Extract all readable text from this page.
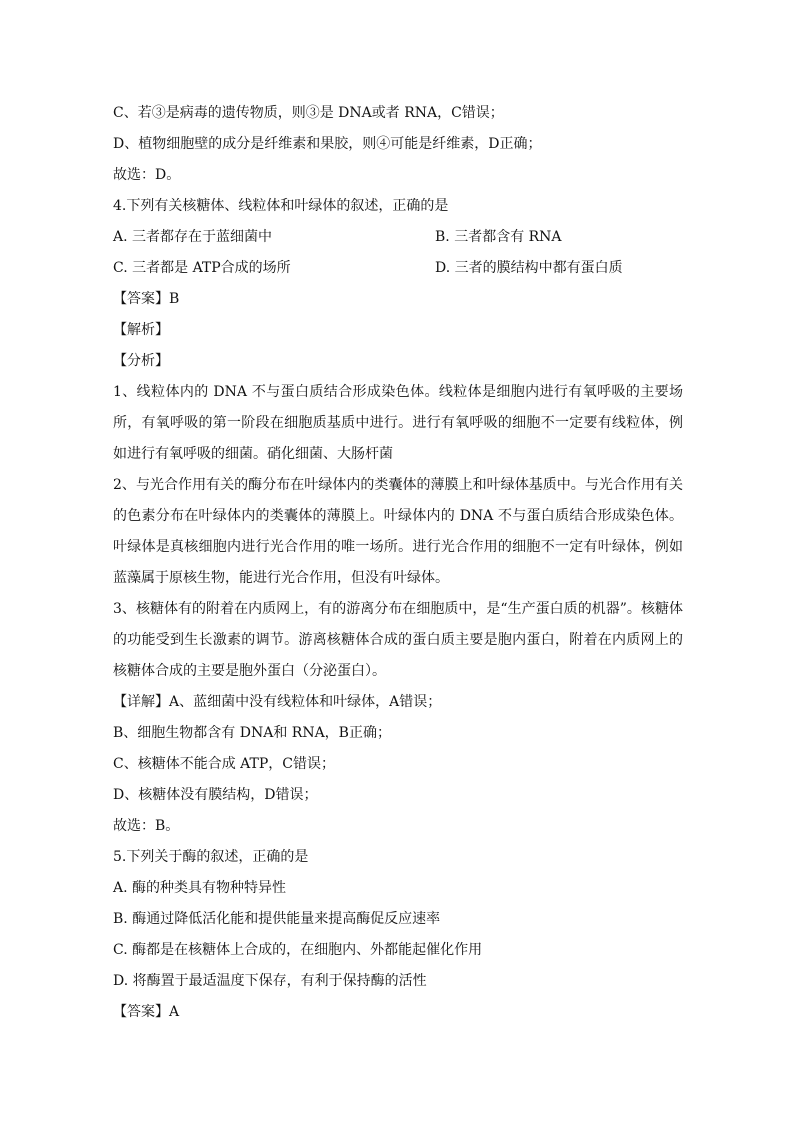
C、若③是病毒的遗传物质，则③是 DNA或者 RNA，C错误；
D、植物细胞壁的成分是纤维素和果胶，则④可能是纤维素，D正确；
故选：D。
4.下列有关核糖体、线粒体和叶绿体的叙述，正确的是
A. 三者都存在于蓝细菌中	B. 三者都含有 RNA
C. 三者都是 ATP合成的场所	D. 三者的膜结构中都有蛋白质
【答案】B
【解析】
【分析】
1、线粒体内的 DNA 不与蛋白质结合形成染色体。线粒体是细胞内进行有氧呼吸的主要场所，有氧呼吸的第一阶段在细胞质基质中进行。进行有氧呼吸的细胞不一定要有线粒体，例如进行有氧呼吸的细菌。硝化细菌、大肠杆菌
2、与光合作用有关的酶分布在叶绿体内的类囊体的薄膜上和叶绿体基质中。与光合作用有关的色素分布在叶绿体内的类囊体的薄膜上。叶绿体内的 DNA 不与蛋白质结合形成染色体。叶绿体是真核细胞内进行光合作用的唯一场所。进行光合作用的细胞不一定有叶绿体，例如蓝藻属于原核生物，能进行光合作用，但没有叶绿体。
3、核糖体有的附着在内质网上，有的游离分布在细胞质中，是“生产蛋白质的机器”。核糖体的功能受到生长激素的调节。游离核糖体合成的蛋白质主要是胞内蛋白，附着在内质网上的核糖体合成的主要是胞外蛋白（分泌蛋白）。
【详解】A、蓝细菌中没有线粒体和叶绿体，A错误；
B、细胞生物都含有 DNA和 RNA，B正确；
C、核糖体不能合成 ATP，C错误；
D、核糖体没有膜结构，D错误；
故选：B。
5.下列关于酶的叙述，正确的是
A. 酶的种类具有物种特异性
B. 酶通过降低活化能和提供能量来提高酶促反应速率
C. 酶都是在核糖体上合成的，在细胞内、外都能起催化作用
D. 将酶置于最适温度下保存，有利于保持酶的活性
【答案】A
